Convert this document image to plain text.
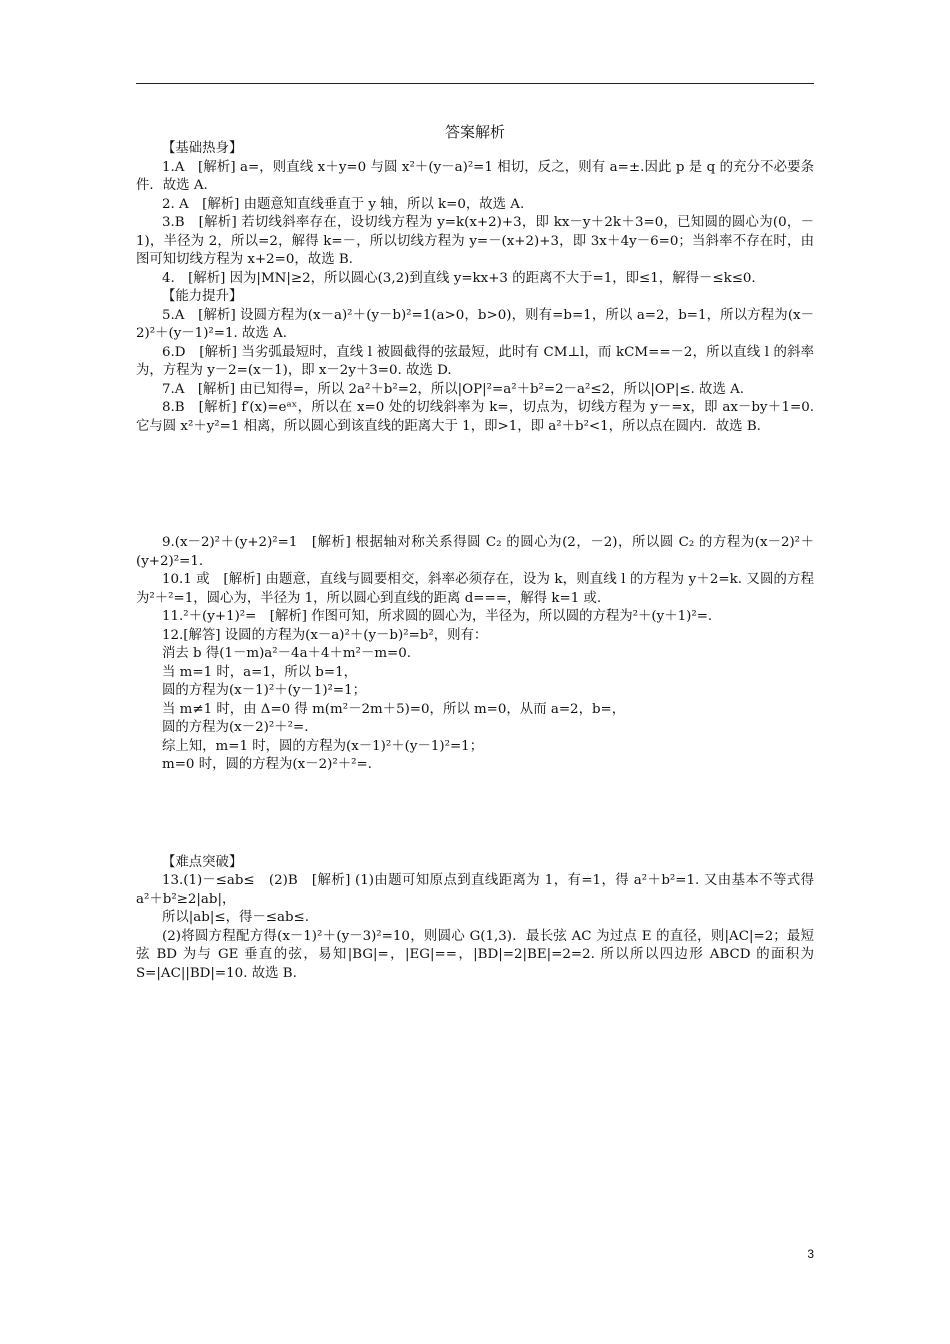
答案解析

【基础热身】

1.A　[解析] a=，则直线 x＋y=0 与圆 x²＋(y－a)²=1 相切，反之，则有 a=±.因此 p 是 q 的充分不必要条件．故选 A.

2. A　[解析] 由题意知直线垂直于 y 轴，所以 k=0，故选 A.

3.B　[解析] 若切线斜率存在，设切线方程为 y=k(x+2)+3，即 kx－y＋2k＋3=0，已知圆的圆心为(0，－1)，半径为 2，所以=2，解得 k=－，所以切线方程为 y=－(x+2)+3，即 3x＋4y－6=0；当斜率不存在时，由图可知切线方程为 x+2=0，故选 B.

4.　[解析] 因为|MN|≥2，所以圆心(3,2)到直线 y=kx+3 的距离不大于=1，即≤1，解得－≤k≤0.

【能力提升】

5.A　[解析] 设圆方程为(x－a)²＋(y－b)²=1(a>0，b>0)，则有=b=1，所以 a=2，b=1，所以方程为(x－2)²＋(y－1)²=1. 故选 A.

6.D　[解析] 当劣弧最短时，直线 l 被圆截得的弦最短，此时有 CM⊥l，而 kCM==－2，所以直线 l 的斜率为，方程为 y－2=(x－1)，即 x－2y＋3=0. 故选 D.

7.A　[解析] 由已知得=，所以 2a²＋b²=2，所以|OP|²=a²＋b²=2－a²≤2，所以|OP|≤. 故选 A.

8.B　[解析] f′(x)=eᵃˣ，所以在 x=0 处的切线斜率为 k=，切点为，切线方程为 y－=x，即 ax－by＋1=0. 它与圆 x²＋y²=1 相离，所以圆心到该直线的距离大于 1，即>1，即 a²＋b²<1，所以点在圆内．故选 B.

9.(x－2)²＋(y+2)²=1　[解析] 根据轴对称关系得圆 C₂ 的圆心为(2，－2)，所以圆 C₂ 的方程为(x－2)²＋(y+2)²=1.

10.1 或　[解析] 由题意，直线与圆要相交，斜率必须存在，设为 k，则直线 l 的方程为 y＋2=k. 又圆的方程为²＋²=1，圆心为，半径为 1，所以圆心到直线的距离 d===，解得 k=1 或.

11.²＋(y+1)²=　[解析] 作图可知，所求圆的圆心为，半径为，所以圆的方程为²＋(y＋1)²=.

12.[解答] 设圆的方程为(x－a)²＋(y－b)²=b²，则有：

消去 b 得(1－m)a²－4a＋4＋m²－m=0.

当 m=1 时，a=1，所以 b=1，

圆的方程为(x－1)²＋(y－1)²=1；

当 m≠1 时，由 Δ=0 得 m(m²－2m＋5)=0，所以 m=0，从而 a=2，b=，

圆的方程为(x－2)²＋²=.

综上知，m=1 时，圆的方程为(x－1)²＋(y－1)²=1；

m=0 时，圆的方程为(x－2)²＋²=.

【难点突破】

13.(1)－≤ab≤　(2)B　[解析] (1)由题可知原点到直线距离为 1，有=1，得 a²＋b²=1. 又由基本不等式得 a²＋b²≥2|ab|，

所以|ab|≤，得－≤ab≤.

(2)将圆方程配方得(x－1)²＋(y－3)²=10，则圆心 G(1,3)．最长弦 AC 为过点 E 的直径，则|AC|=2；最短弦 BD 为与 GE 垂直的弦，易知|BG|=，|EG|==，|BD|=2|BE|=2=2. 所以所以四边形 ABCD 的面积为 S=|AC||BD|=10. 故选 B.

3
